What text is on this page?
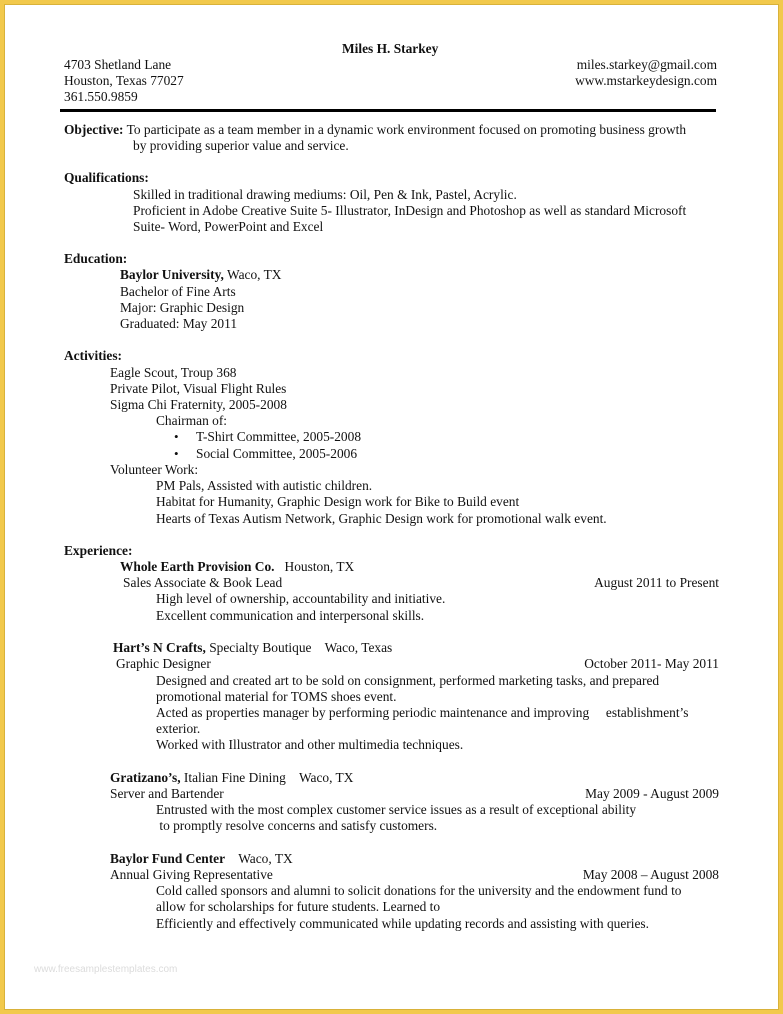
Miles H. Starkey
4703 Shetland Lane
Houston, Texas 77027
361.550.9859
miles.starkey@gmail.com
www.mstarkeydesign.com
Objective: To participate as a team member in a dynamic work environment focused on promoting business growth
by providing superior value and service.
Qualifications:
Skilled in traditional drawing mediums: Oil, Pen & Ink, Pastel, Acrylic.
Proficient in Adobe Creative Suite 5- Illustrator, InDesign and Photoshop as well as standard Microsoft
Suite- Word, PowerPoint and Excel
Education:
Baylor University, Waco, TX
Bachelor of Fine Arts
Major: Graphic Design
Graduated: May 2011
Activities:
Eagle Scout, Troup 368
Private Pilot, Visual Flight Rules
Sigma Chi Fraternity, 2005-2008
Chairman of:
• T-Shirt Committee, 2005-2008
• Social Committee, 2005-2006
Volunteer Work:
PM Pals, Assisted with autistic children.
Habitat for Humanity, Graphic Design work for Bike to Build event
Hearts of Texas Autism Network, Graphic Design work for promotional walk event.
Experience:
Whole Earth Provision Co.   Houston, TX
Sales Associate & Book Lead	August 2011 to Present
High level of ownership, accountability and initiative.
Excellent communication and interpersonal skills.
Hart’s N Crafts, Specialty Boutique    Waco, Texas
Graphic Designer	October 2011- May 2011
Designed and created art to be sold on consignment, performed marketing tasks, and prepared
promotional material for TOMS shoes event.
Acted as properties manager by performing periodic maintenance and improving     establishment’s
exterior.
Worked with Illustrator and other multimedia techniques.
Gratizano’s, Italian Fine Dining    Waco, TX
Server and Bartender	May 2009 - August 2009
Entrusted with the most complex customer service issues as a result of exceptional ability
to promptly resolve concerns and satisfy customers.
Baylor Fund Center    Waco, TX
Annual Giving Representative	May 2008 – August 2008
Cold called sponsors and alumni to solicit donations for the university and the endowment fund to
allow for scholarships for future students. Learned to
Efficiently and effectively communicated while updating records and assisting with queries.
www.freesamplestemplates.com
